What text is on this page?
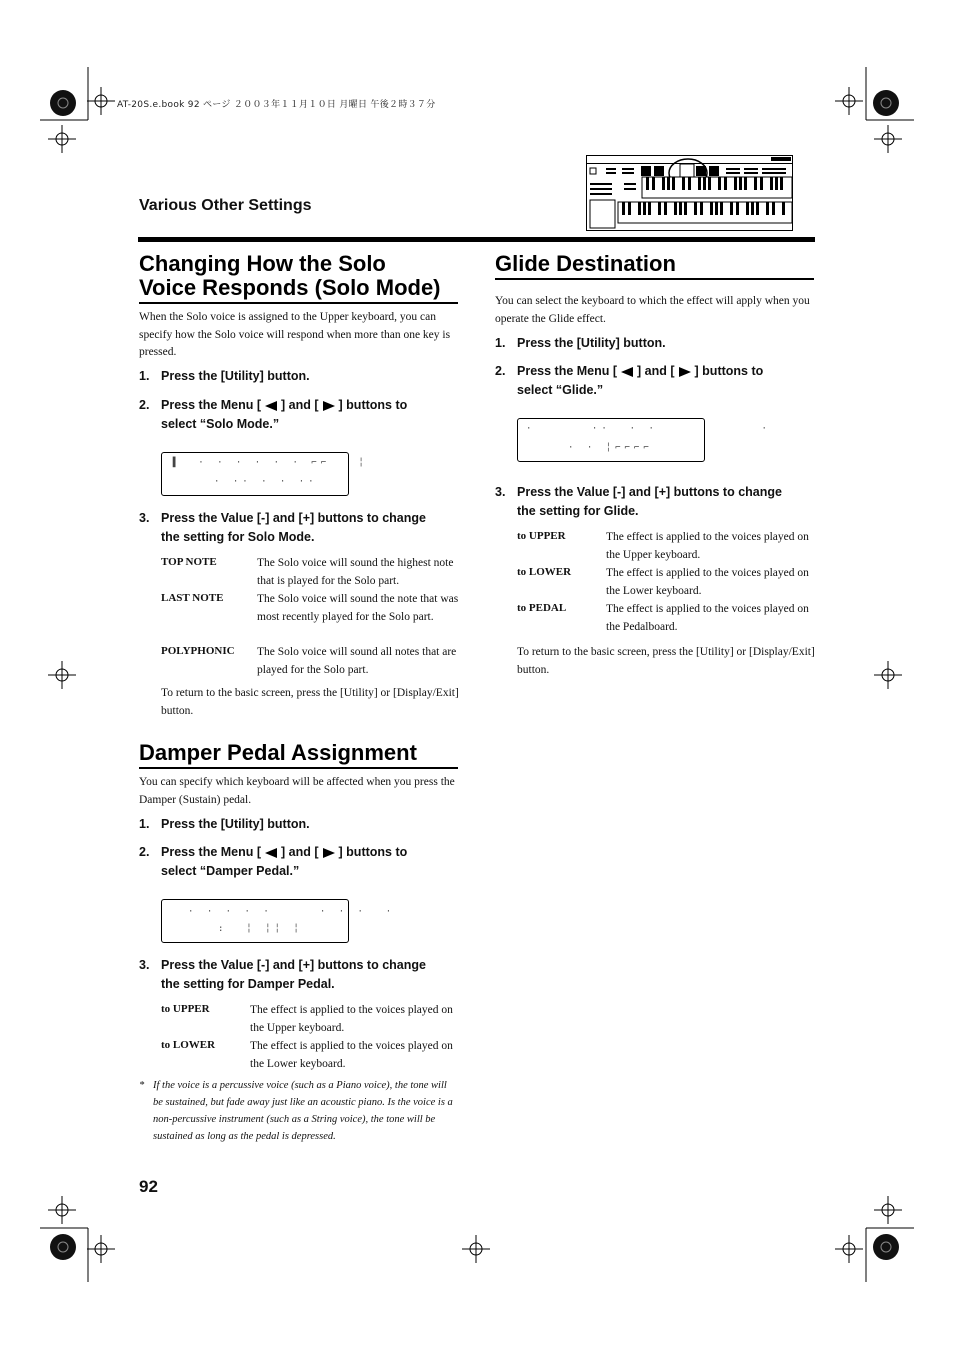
AT-20S.e.book 92 ページ ２００３年１１月１０日 月曜日 午後２時３７分
Various Other Settings
Changing How the Solo
Voice Responds (Solo Mode)
When the Solo voice is assigned to the Upper keyboard, you can specify how the Solo voice will respond when more than one key is pressed.
1. Press the [Utility] button.
2. Press the Menu [ ] and [ ] buttons to
select “Solo Mode.”
▐  · · · · · · ⌐⌐   ╎
· ·· · · ··
3. Press the Value [-] and [+] buttons to change
the setting for Solo Mode.
TOP NOTE	The Solo voice will sound the highest note that is played for the Solo part.
LAST NOTE	The Solo voice will sound the note that was most recently played for the Solo part.
POLYPHONIC The Solo voice will sound all notes that are played for the Solo part.
To return to the basic screen, press the [Utility] or [Display/Exit] button.
Damper Pedal Assignment
You can specify which keyboard will be affected when you press the Damper (Sustain) pedal.
1. Press the [Utility] button.
2. Press the Menu [ ] and [ ] buttons to
select “Damper Pedal.”
· · · · ·     · · ·  ·
:  ╎ ╎╎ ╎
3. Press the Value [-] and [+] buttons to change
the setting for Damper Pedal.
to UPPER	The effect is applied to the voices played on the Upper keyboard.
to LOWER	The effect is applied to the voices played on the Lower keyboard.
* If the voice is a percussive voice (such as a Piano voice), the tone will be sustained, but fade away just like an acoustic piano. Is the voice is a non-percussive instrument (such as a String voice), the tone will be sustained as long as the pedal is depressed.
92
Glide Destination
You can select the keyboard to which the effect will apply when you operate the Glide effect.
1. Press the [Utility] button.
2. Press the Menu [ ] and [ ] buttons to
select “Glide.”
·      ··  · ·           ·
· · ╎⌐⌐⌐⌐
3. Press the Value [-] and [+] buttons to change
the setting for Glide.
to UPPER	The effect is applied to the voices played on the Upper keyboard.
to LOWER	The effect is applied to the voices played on the Lower keyboard.
to PEDAL	The effect is applied to the voices played on the Pedalboard.
To return to the basic screen, press the [Utility] or [Display/Exit] button.
